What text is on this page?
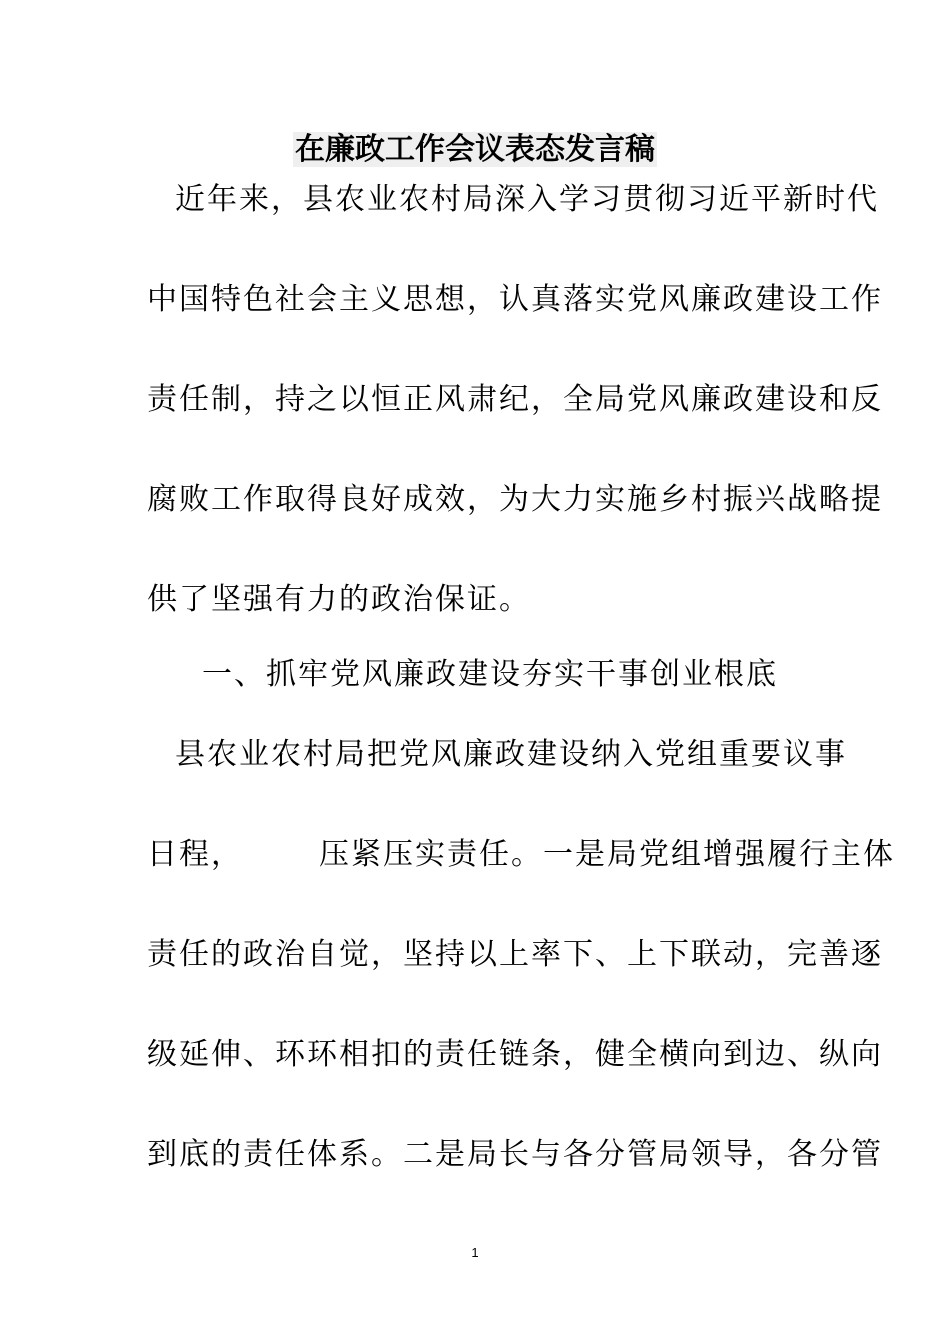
在廉政工作会议表态发言稿
近年来，县农业农村局深入学习贯彻习近平新时代
中国特色社会主义思想，认真落实党风廉政建设工作
责任制，持之以恒正风肃纪，全局党风廉政建设和反
腐败工作取得良好成效，为大力实施乡村振兴战略提
供了坚强有力的政治保证。
一、抓牢党风廉政建设夯实干事创业根底
县农业农村局把党风廉政建设纳入党组重要议事
日程，	压紧压实责任。一是局党组增强履行主体
责任的政治自觉，坚持以上率下、上下联动，完善逐
级延伸、环环相扣的责任链条，健全横向到边、纵向
到底的责任体系。二是局长与各分管局领导，各分管
1
